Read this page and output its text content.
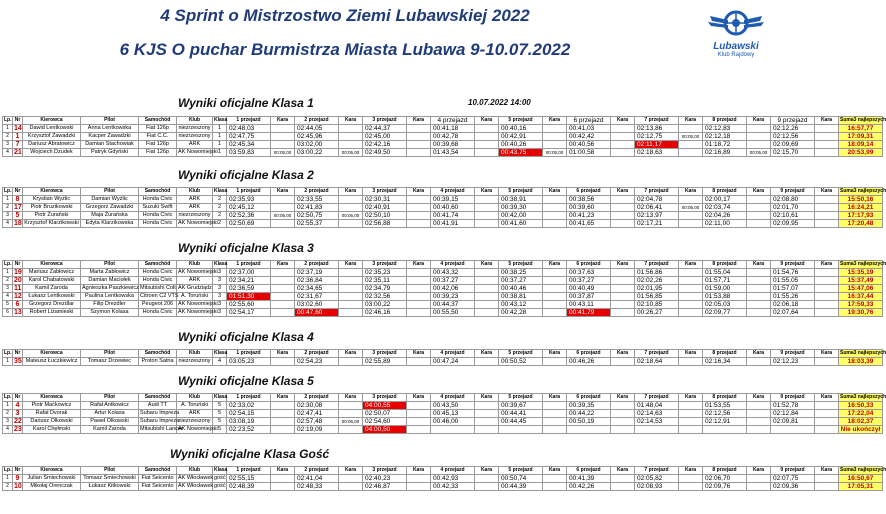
4 Sprint o Mistrzostwo Ziemi Lubawskiej 2022
6 KJS O puchar Burmistrza Miasta Lubawa 9-10.07.2022	Lubawski
Klub Rajdowy
Wyniki oficjalne Klasa 1	10.07.2022 14:00
Lp.	Nr	Kierowca	Pilot	Samochód	Klub	Klasa	1 przejazd	Kara	2 przejazd	Kara	3 przejazd	Kara	4 przejazd	Kara	5 przejazd	Kara	6 przejazd	Kara	7 przejazd	Kara	8 przejazd	Kara	9 przejazd	Kara	Suma3 najlepszych
1	14	Dawid Lentkowski	Anna Lentkowska	Fiat 126p	niezrzeszony	1	02:48,03		02:44,05		02:44,37		00:41,18		00:40,16		00:41,03		02:13,86		02:12,83		02:12,26		16:57,77
2	1	Krzysztof Zawadzki	Kacper Zawadzki	Fiat C.C.	niezrzeszony	1	02:47,75		02:45,96		02:45,00		00:42,78		00:42,91		00:42,42		02:12,75	00:05,00	02:12,18		02:12,56		17:09,31
3	7	Dariusz Abratowicz	Damian Stachowiak	Fiat 126p	ARK	1	02:45,34		03:02,00		02:42,16		00:39,68		00:40,26		00:40,56		02:11,17		01:18,72		02:09,69		18:09,14
4	21	Wojciech Dzudek	Patryk Gdyński	Fiat 126p	AK Nowomiejski	1	03:59,83	00:05,00	03:00,22	00:05,00	02:49,50		01:43,54		00:43,75	00:05,00	01:00,58		02:18,63		02:16,89	00:05,00	02:15,70		20:53,99
Wyniki oficjalne Klasa 2
Lp.	Nr	Kierowca	Pilot	Samochód	Klub	Klasa	1 przejazd	Kara	2 przejazd	Kara	3 przejazd	Kara	4 przejazd	Kara	5 przejazd	Kara	6 przejazd	Kara	7 przejazd	Kara	8 przejazd	Kara	9 przejazd	Kara	Suma3 najlepszych
1	8	Krystian Wyżlic	Damian Wyżlic	Honda Civic	ARK	2	02:35,93		02:33,55		02:30,31		00:39,15		00:38,91		00:38,56		02:04,78		02:00,17		02:08,80		15:50,16
2	17	Piotr Bruzikowski	Grzegorz Zawadzki	Suzuki Swift	ARK	2	02:45,12		02:41,83		02:40,91		00:40,60		00:39,30		00:39,60		02:06,41	00:05,00	02:03,74		02:01,70		16:24,21
3	5	Piotr Żurański	Maja Żurańska	Honda Civic	niezrzeszony	2	02:52,36	00:05,00	02:50,75	00:05,00	02:50,10		00:41,74		00:42,00		00:41,23		02:13,97		02:04,26		02:10,61		17:17,93
4	18	Krzysztof Klarzikowski	Edyta Klarzikowska	Honda Civic	AK Nowomiejski	2	02:50,69		02:55,37		02:56,88		00:41,91		00:41,60		00:41,65		02:17,21		02:11,00		02:09,95		17:20,48
Wyniki oficjalne Klasa 3
Lp.	Nr	Kierowca	Pilot	Samochód	Klub	Klasa	1 przejazd	Kara	2 przejazd	Kara	3 przejazd	Kara	4 przejazd	Kara	5 przejazd	Kara	6 przejazd	Kara	7 przejazd	Kara	8 przejazd	Kara	9 przejazd	Kara	Suma3 najlepszych
1	19	Mariusz Zabłowicz	Marta Zabłowicz	Honda Civic	AK Nowomiejski	3	02:37,00		02:37,19		02:35,23		00:43,32		00:38,25		00:37,63		01:56,86		01:55,04		01:54,76		15:35,19
2	20	Karol Chabatowski	Damian Maciołek	Honda Civic	ARK	3	02:34,21		02:36,84		02:35,11		00:37,27		00:37,27		00:37,27		02:02,26		01:57,71		01:55,05		15:37,49
3	11	Kamil Zaroda	Agnieszka Paszkiewicz	Mitsubishi Colt	AK Grudziądz	3	02:36,59		02:34,65		02:34,79		00:42,06		00:40,46		00:40,49		02:01,95		01:59,00		01:57,07		15:47,06
4	12	Łukasz Lentkowski	Paulina Lentkowska	Citroen C2 VTS	A. Toruński	3	01:51,30		02:31,67		02:32,56		00:39,23		00:38,81		00:37,87		01:56,85		01:53,88		01:55,26		16:37,44
5	6	Grzegorz Drezdlar	Filip Drezdler	Peugeot 206	AK Nowomiejski	3	02:55,60		03:02,60		03:00,22		00:44,37		00:43,12		00:43,11		02:10,85		02:05,03		02:06,18		17:59,33
6	13	Robert Liżamieski	Szymon Kolasa	Honda Civic	AK Nowomiejski	3	02:54,17		00:47,60		02:46,16		00:55,50		00:42,28		00:41,79		00:26,27		02:09,77		02:07,64		19:30,76
Wyniki oficjalne Klasa 4
Lp.	Nr	Kierowca	Pilot	Samochód	Klub	Klasa	1 przejazd	Kara	2 przejazd	Kara	3 przejazd	Kara	4 przejazd	Kara	5 przejazd	Kara	6 przejazd	Kara	7 przejazd	Kara	8 przejazd	Kara	9 przejazd	Kara	Suma3 najlepszych
1	35	Mateusz Łuczkiewicz	Tomasz Drzewiec	Proton Satria	niezrzeszony	4	03:05,23		02:54,23		02:55,89		00:47,24		00:50,52		00:46,26		02:18,64		02:16,34		02:12,23		18:03,39
Wyniki oficjalne Klasa 5
Lp.	Nr	Kierowca	Pilot	Samochód	Klub	Klasa	1 przejazd	Kara	2 przejazd	Kara	3 przejazd	Kara	4 przejazd	Kara	5 przejazd	Kara	6 przejazd	Kara	7 przejazd	Kara	8 przejazd	Kara	9 przejazd	Kara	Suma3 najlepszych
1	4	Piotr Maćkowicz	Rafał Antkowicz	Audi TT	A. Toruński	5	02:33,02		02:30,08		04:00,55		00:43,50		00:39,67		00:39,35		01:48,04		01:53,55		01:52,78		16:50,33
2	3	Rafał Dvorak	Artur Kolasa	Subaru Impreza	ARK	5	02:54,15		02:47,41		02:50,07		00:45,13		00:44,41		00:44,22		02:14,63		02:12,56		02:12,84		17:22,04
3	22	Dariusz Olkowski	Paweł Olkowski	Subaru Impreza	niezrzeszony	5	03:08,19		02:57,48	00:05,00	02:54,60		00:46,00		00:44,45		00:50,19		02:14,53		02:12,91		02:09,81		18:02,37
4	23	Karol Chęłmski	Kamil Zaroda	Mitsubishi Lancer	AK Nowomiejski	5	02:23,52		02:19,09		04:00,50														Nie ukończył
Wyniki oficjalne Klasa Gość
Lp.	Nr	Kierowca	Pilot	Samochód	Klub	Klasa	1 przejazd	Kara	2 przejazd	Kara	3 przejazd	Kara	4 przejazd	Kara	5 przejazd	Kara	6 przejazd	Kara	7 przejazd	Kara	8 przejazd	Kara	9 przejazd	Kara	Suma3 najlepszych
1	9	Julian Śmiechowski	Tomasz Śmiechowski	Fiat Seicento	AK Włocławek	gość	02:55,15		02:41,04		02:40,23		00:42,93		00:50,74		00:41,39		02:05,82		02:06,70		02:07,75		16:50,67
2	10	Mikołaj Orenczak	Łukasz Kitkowski	Fiat Seicento	AK Włocławek	gość	02:48,39		02:48,33		02:46,87		00:42,33		00:44,39		00:42,26		02:08,93		02:09,76		02:09,36		17:05,31
